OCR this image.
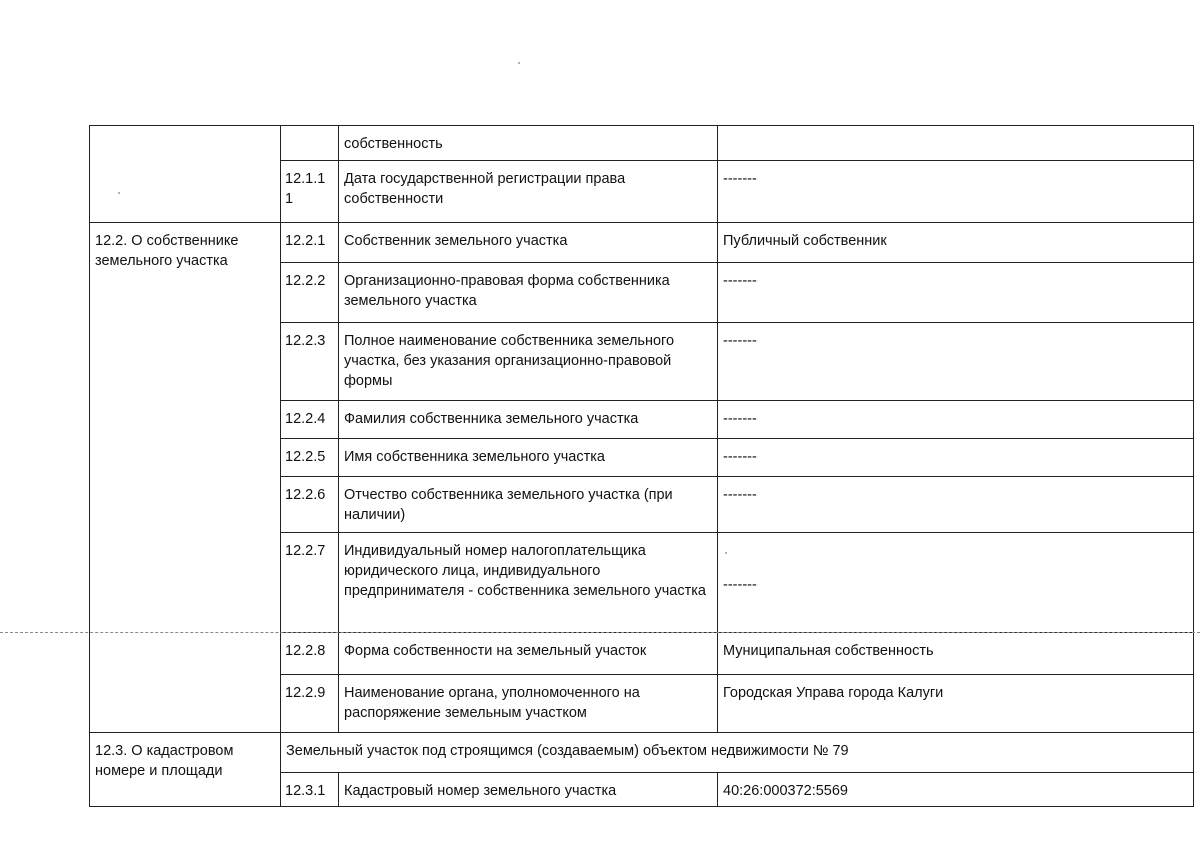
		собственность	
	12.1.1 1	Дата государственной регистрации права собственности	-------
12.2. О собственнике земельного участка	12.2.1	Собственник земельного участка	Публичный собственник
	12.2.2	Организационно-правовая форма собственника земельного участка	-------
	12.2.3	Полное наименование собственника земельного участка, без указания организационно-правовой формы	-------
	12.2.4	Фамилия собственника земельного участка	-------
	12.2.5	Имя собственника земельного участка	-------
	12.2.6	Отчество собственника земельного участка (при наличии)	-------
	12.2.7	Индивидуальный номер налогоплательщика юридического лица, индивидуального предпринимателя - собственника земельного участка	-------
	12.2.8	Форма собственности на земельный участок	Муниципальная собственность
	12.2.9	Наименование органа, уполномоченного на распоряжение земельным участком	Городская Управа города Калуги
12.3. О кадастровом номере и площади	Земельный участок под строящимся (создаваемым) объектом недвижимости № 79		
	12.3.1	Кадастровый номер земельного участка	40:26:000372:5569
